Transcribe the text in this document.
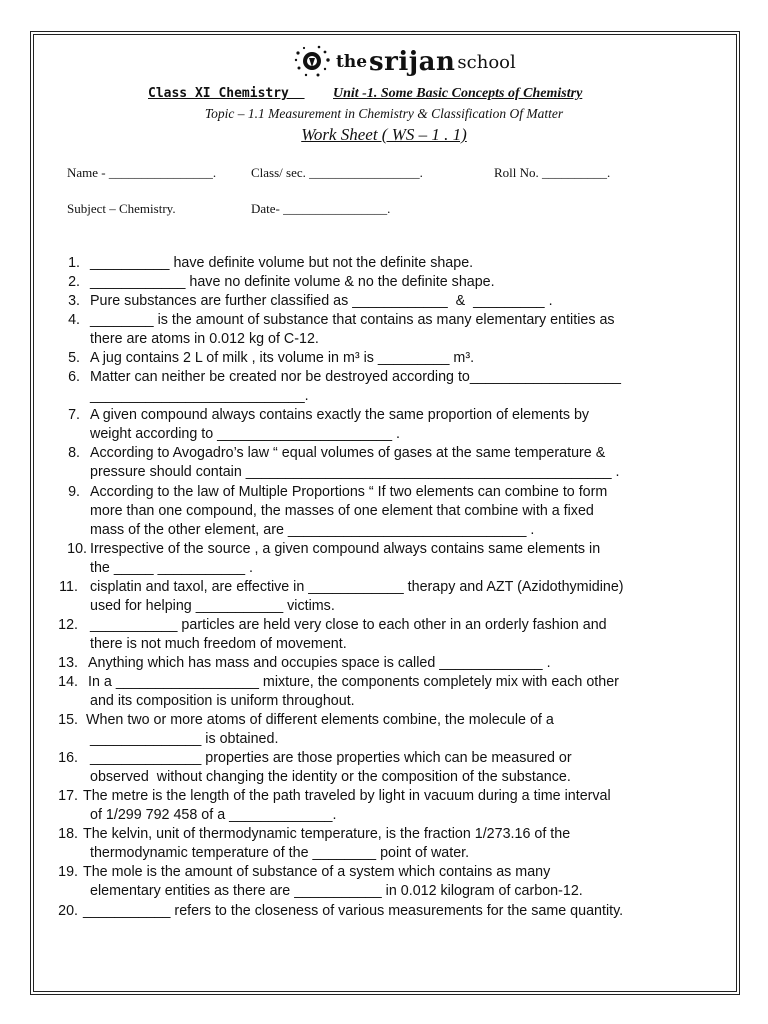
the srijan school
Class XI Chemistry Unit -1. Some Basic Concepts of Chemistry
Topic – 1.1 Measurement in Chemistry & Classification Of Matter
Work Sheet ( WS – 1 . 1)
Name - ________________.	Class/ sec. _________________.	Roll No. __________.
Subject – Chemistry.	Date- ________________.
1. __________ have definite volume but not the definite shape.
2. ____________ have no definite volume & no the definite shape.
3. Pure substances are further classified as ____________  &  _________ .
4. ________ is the amount of substance that contains as many elementary entities as
there are atoms in 0.012 kg of C-12.
5. A jug contains 2 L of milk , its volume in m³ is _________ m³.
6. Matter can neither be created nor be destroyed according to___________________
___________________________.
7. A given compound always contains exactly the same proportion of elements by
weight according to ______________________ .
8. According to Avogadro’s law “ equal volumes of gases at the same temperature &
pressure should contain ______________________________________________ .
9. According to the law of Multiple Proportions “ If two elements can combine to form
more than one compound, the masses of one element that combine with a fixed
mass of the other element, are ______________________________ .
10. Irrespective of the source , a given compound always contains same elements in
the _____ ___________ .
11. cisplatin and taxol, are effective in ____________ therapy and AZT (Azidothymidine)
used for helping ___________ victims.
12. ___________ particles are held very close to each other in an orderly fashion and
there is not much freedom of movement.
13. Anything which has mass and occupies space is called _____________ .
14. In a __________________ mixture, the components completely mix with each other
and its composition is uniform throughout.
15. When two or more atoms of different elements combine, the molecule of a
______________ is obtained.
16. ______________ properties are those properties which can be measured or
observed  without changing the identity or the composition of the substance.
17. The metre is the length of the path traveled by light in vacuum during a time interval
of 1/299 792 458 of a _____________.
18. The kelvin, unit of thermodynamic temperature, is the fraction 1/273.16 of the
thermodynamic temperature of the ________ point of water.
19. The mole is the amount of substance of a system which contains as many
elementary entities as there are ___________ in 0.012 kilogram of carbon-12.
20. ___________ refers to the closeness of various measurements for the same quantity.
